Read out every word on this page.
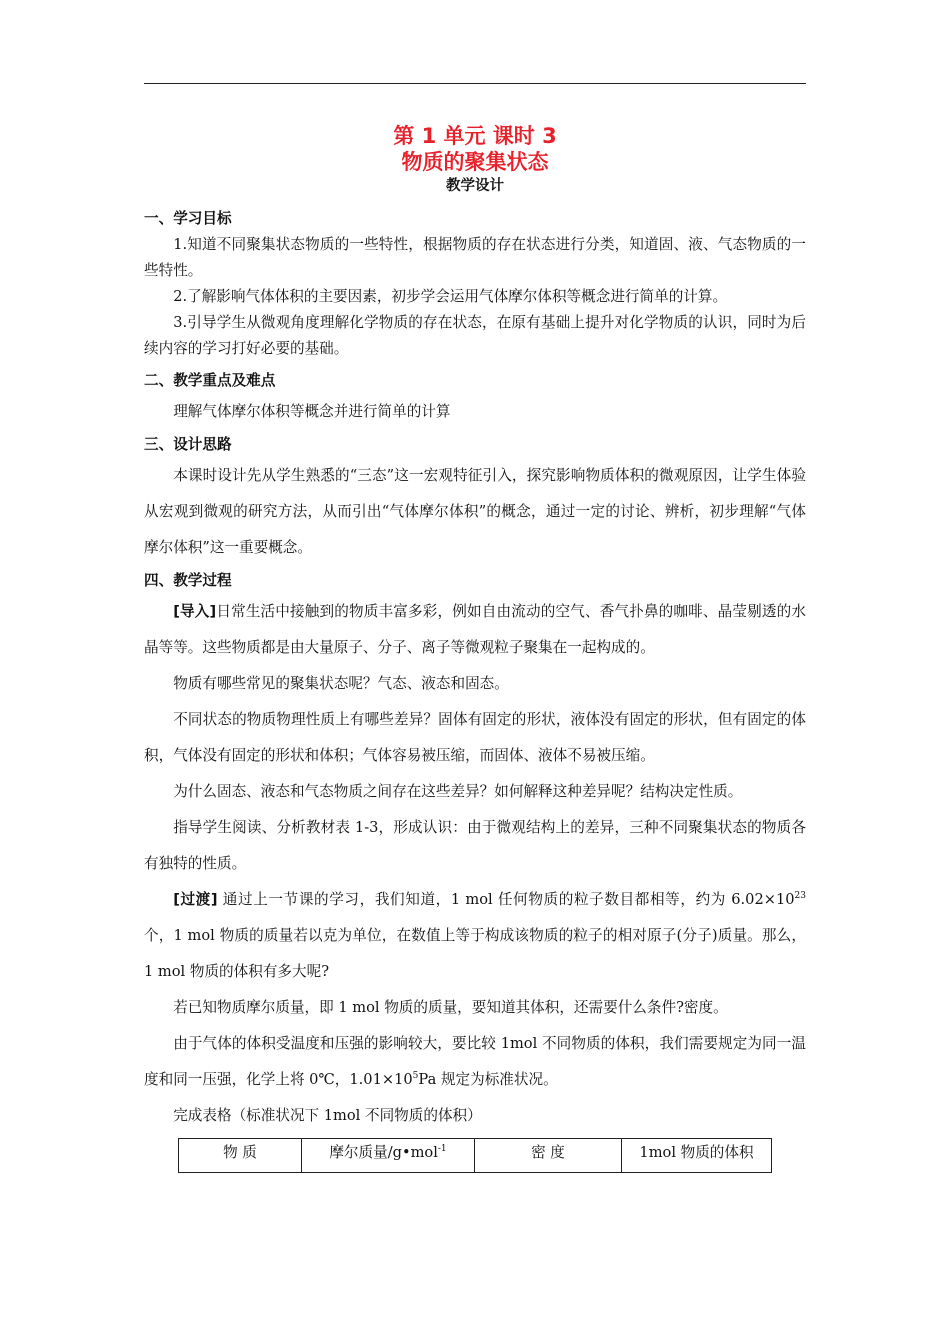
第 1 单元 课时 3
物质的聚集状态
教学设计
一、学习目标

1.知道不同聚集状态物质的一些特性，根据物质的存在状态进行分类，知道固、液、气态物质的一些特性。

2.了解影响气体体积的主要因素，初步学会运用气体摩尔体积等概念进行简单的计算。

3.引导学生从微观角度理解化学物质的存在状态，在原有基础上提升对化学物质的认识，同时为后续内容的学习打好必要的基础。

二、教学重点及难点

理解气体摩尔体积等概念并进行简单的计算

三、设计思路

本课时设计先从学生熟悉的“三态”这一宏观特征引入，探究影响物质体积的微观原因，让学生体验从宏观到微观的研究方法，从而引出“气体摩尔体积”的概念，通过一定的讨论、辨析，初步理解“气体摩尔体积”这一重要概念。

四、教学过程

[导入]日常生活中接触到的物质丰富多彩，例如自由流动的空气、香气扑鼻的咖啡、晶莹剔透的水晶等等。这些物质都是由大量原子、分子、离子等微观粒子聚集在一起构成的。

物质有哪些常见的聚集状态呢？气态、液态和固态。

不同状态的物质物理性质上有哪些差异？固体有固定的形状，液体没有固定的形状，但有固定的体积，气体没有固定的形状和体积；气体容易被压缩，而固体、液体不易被压缩。

为什么固态、液态和气态物质之间存在这些差异？如何解释这种差异呢？结构决定性质。

指导学生阅读、分析教材表 1-3，形成认识：由于微观结构上的差异，三种不同聚集状态的物质各有独特的性质。

[过渡] 通过上一节课的学习，我们知道，1 mol 任何物质的粒子数目都相等，约为 $6.02\times 10^{23}$个，1 mol 物质的质量若以克为单位，在数值上等于构成该物质的粒子的相对原子(分子)质量。那么，1 mol 物质的体积有多大呢?

若已知物质摩尔质量，即 1 mol 物质的质量，要知道其体积，还需要什么条件?密度。

由于气体的体积受温度和压强的影响较大，要比较 1mol 不同物质的体积，我们需要规定为同一温度和同一压强，化学上将 0℃，$1.01\times 10^5Pa$ 规定为标准状况。

完成表格（标准状况下 1mol 不同物质的体积）

物 质	摩尔质量/g•mol$^{-1}$	密 度	1mol 物质的体积
